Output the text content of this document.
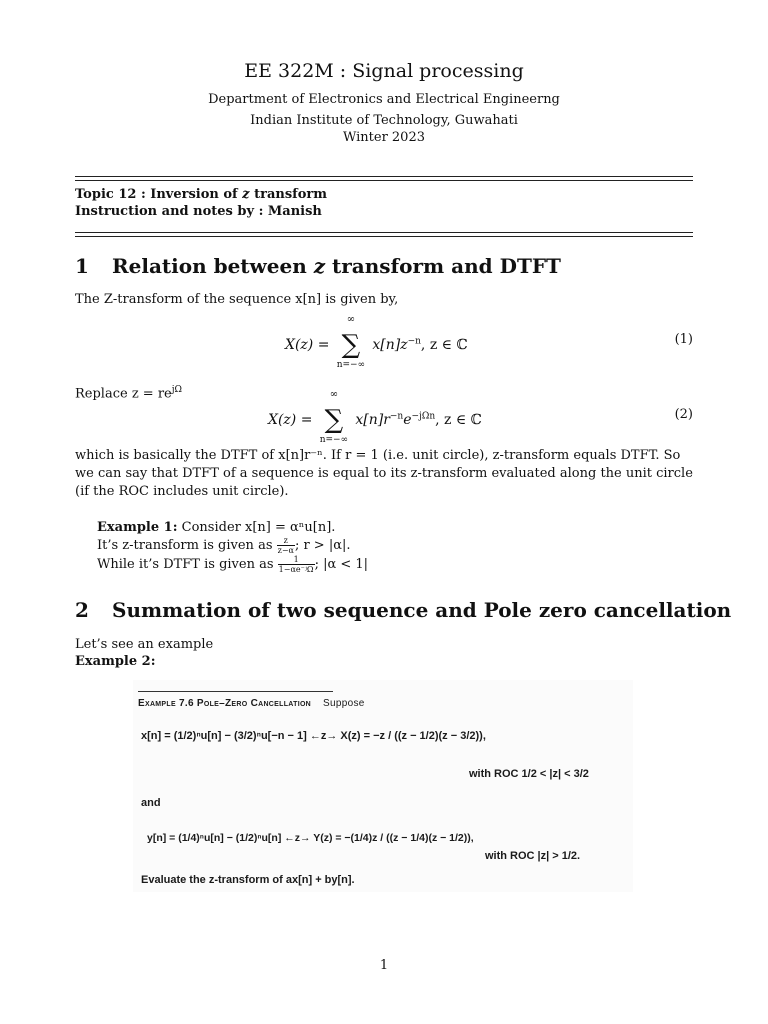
EE 322M : Signal processing
Department of Electronics and Electrical Engineerng
Indian Institute of Technology, Guwahati
Winter 2023
Topic 12 : Inversion of z transform
Instruction and notes by : Manish
1 Relation between z transform and DTFT
The Z-transform of the sequence x[n] is given by,
X(z) = ∑
∞
n=−∞
$x[n]z^{-n}$, z ∈ ℂ	(1)
Replace $z = re^{j\Omega}$
X(z) = ∑
∞
n=−∞
$x[n]r^{-n}e^{-j\Omega n}$, z ∈ ℂ	(2)
which is basically the DTFT of x[n]r⁻ⁿ. If r = 1 (i.e. unit circle), z-transform equals DTFT. So we can say that DTFT of a sequence is equal to its z-transform evaluated along the unit circle (if the ROC includes unit circle).
Example 1: Consider x[n] = αⁿu[n].
It’s z-transform is given as $\frac{z}{z-\alpha}$ ; r > |α|.
While it’s DTFT is given as $\frac{1}{\text{1−αe⁻ʲΩ}}$ ; |α < 1|
2 Summation of two sequence and Pole zero cancellation
Let’s see an example
Example 2:
Example 7.6 Pole–Zero Cancellation Suppose
x[n] = (1/2)ⁿu[n] − (3/2)ⁿu[−n − 1] ←z→ X(z) = −z / ((z − 1/2)(z − 3/2)),
with ROC 1/2 < |z| < 3/2
and
y[n] = (1/4)ⁿu[n] − (1/2)ⁿu[n] ←z→ Y(z) = −(1/4)z / ((z − 1/4)(z − 1/2)),
with ROC |z| > 1/2.
Evaluate the z-transform of ax[n] + by[n].
1
